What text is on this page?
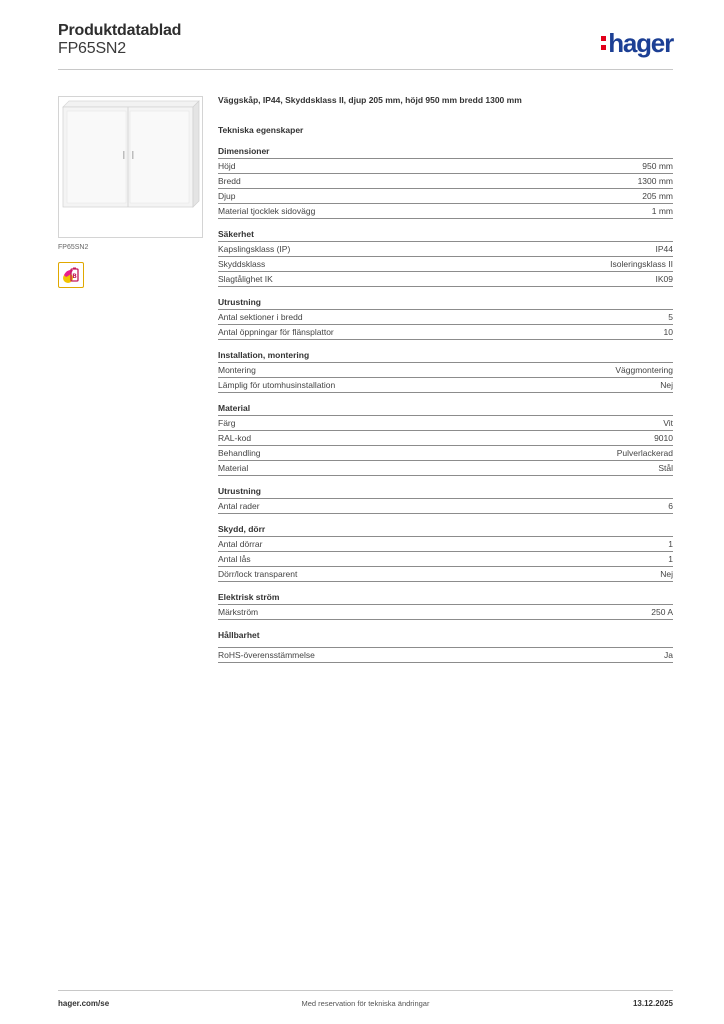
Produktdatablad
FP65SN2	hager
FP65SN2
B
Väggskåp, IP44, Skyddsklass II, djup 205 mm, höjd 950 mm bredd 1300 mm
Tekniska egenskaper
Dimensioner
Höjd	950 mm
Bredd	1300 mm
Djup	205 mm
Material tjocklek sidovägg	1 mm
Säkerhet
Kapslingsklass (IP)	IP44
Skyddsklass	Isoleringsklass II
Slagtålighet IK	IK09
Utrustning
Antal sektioner i bredd	5
Antal öppningar för flänsplattor	10
Installation, montering
Montering	Väggmontering
Lämplig för utomhusinstallation	Nej
Material
Färg	Vit
RAL-kod	9010
Behandling	Pulverlackerad
Material	Stål
Utrustning
Antal rader	6
Skydd, dörr
Antal dörrar	1
Antal lås	1
Dörr/lock transparent	Nej
Elektrisk ström
Märkström	250 A
Hållbarhet
RoHS-överensstämmelse	Ja
hager.com/se	Med reservation för tekniska ändringar	13.12.2025
